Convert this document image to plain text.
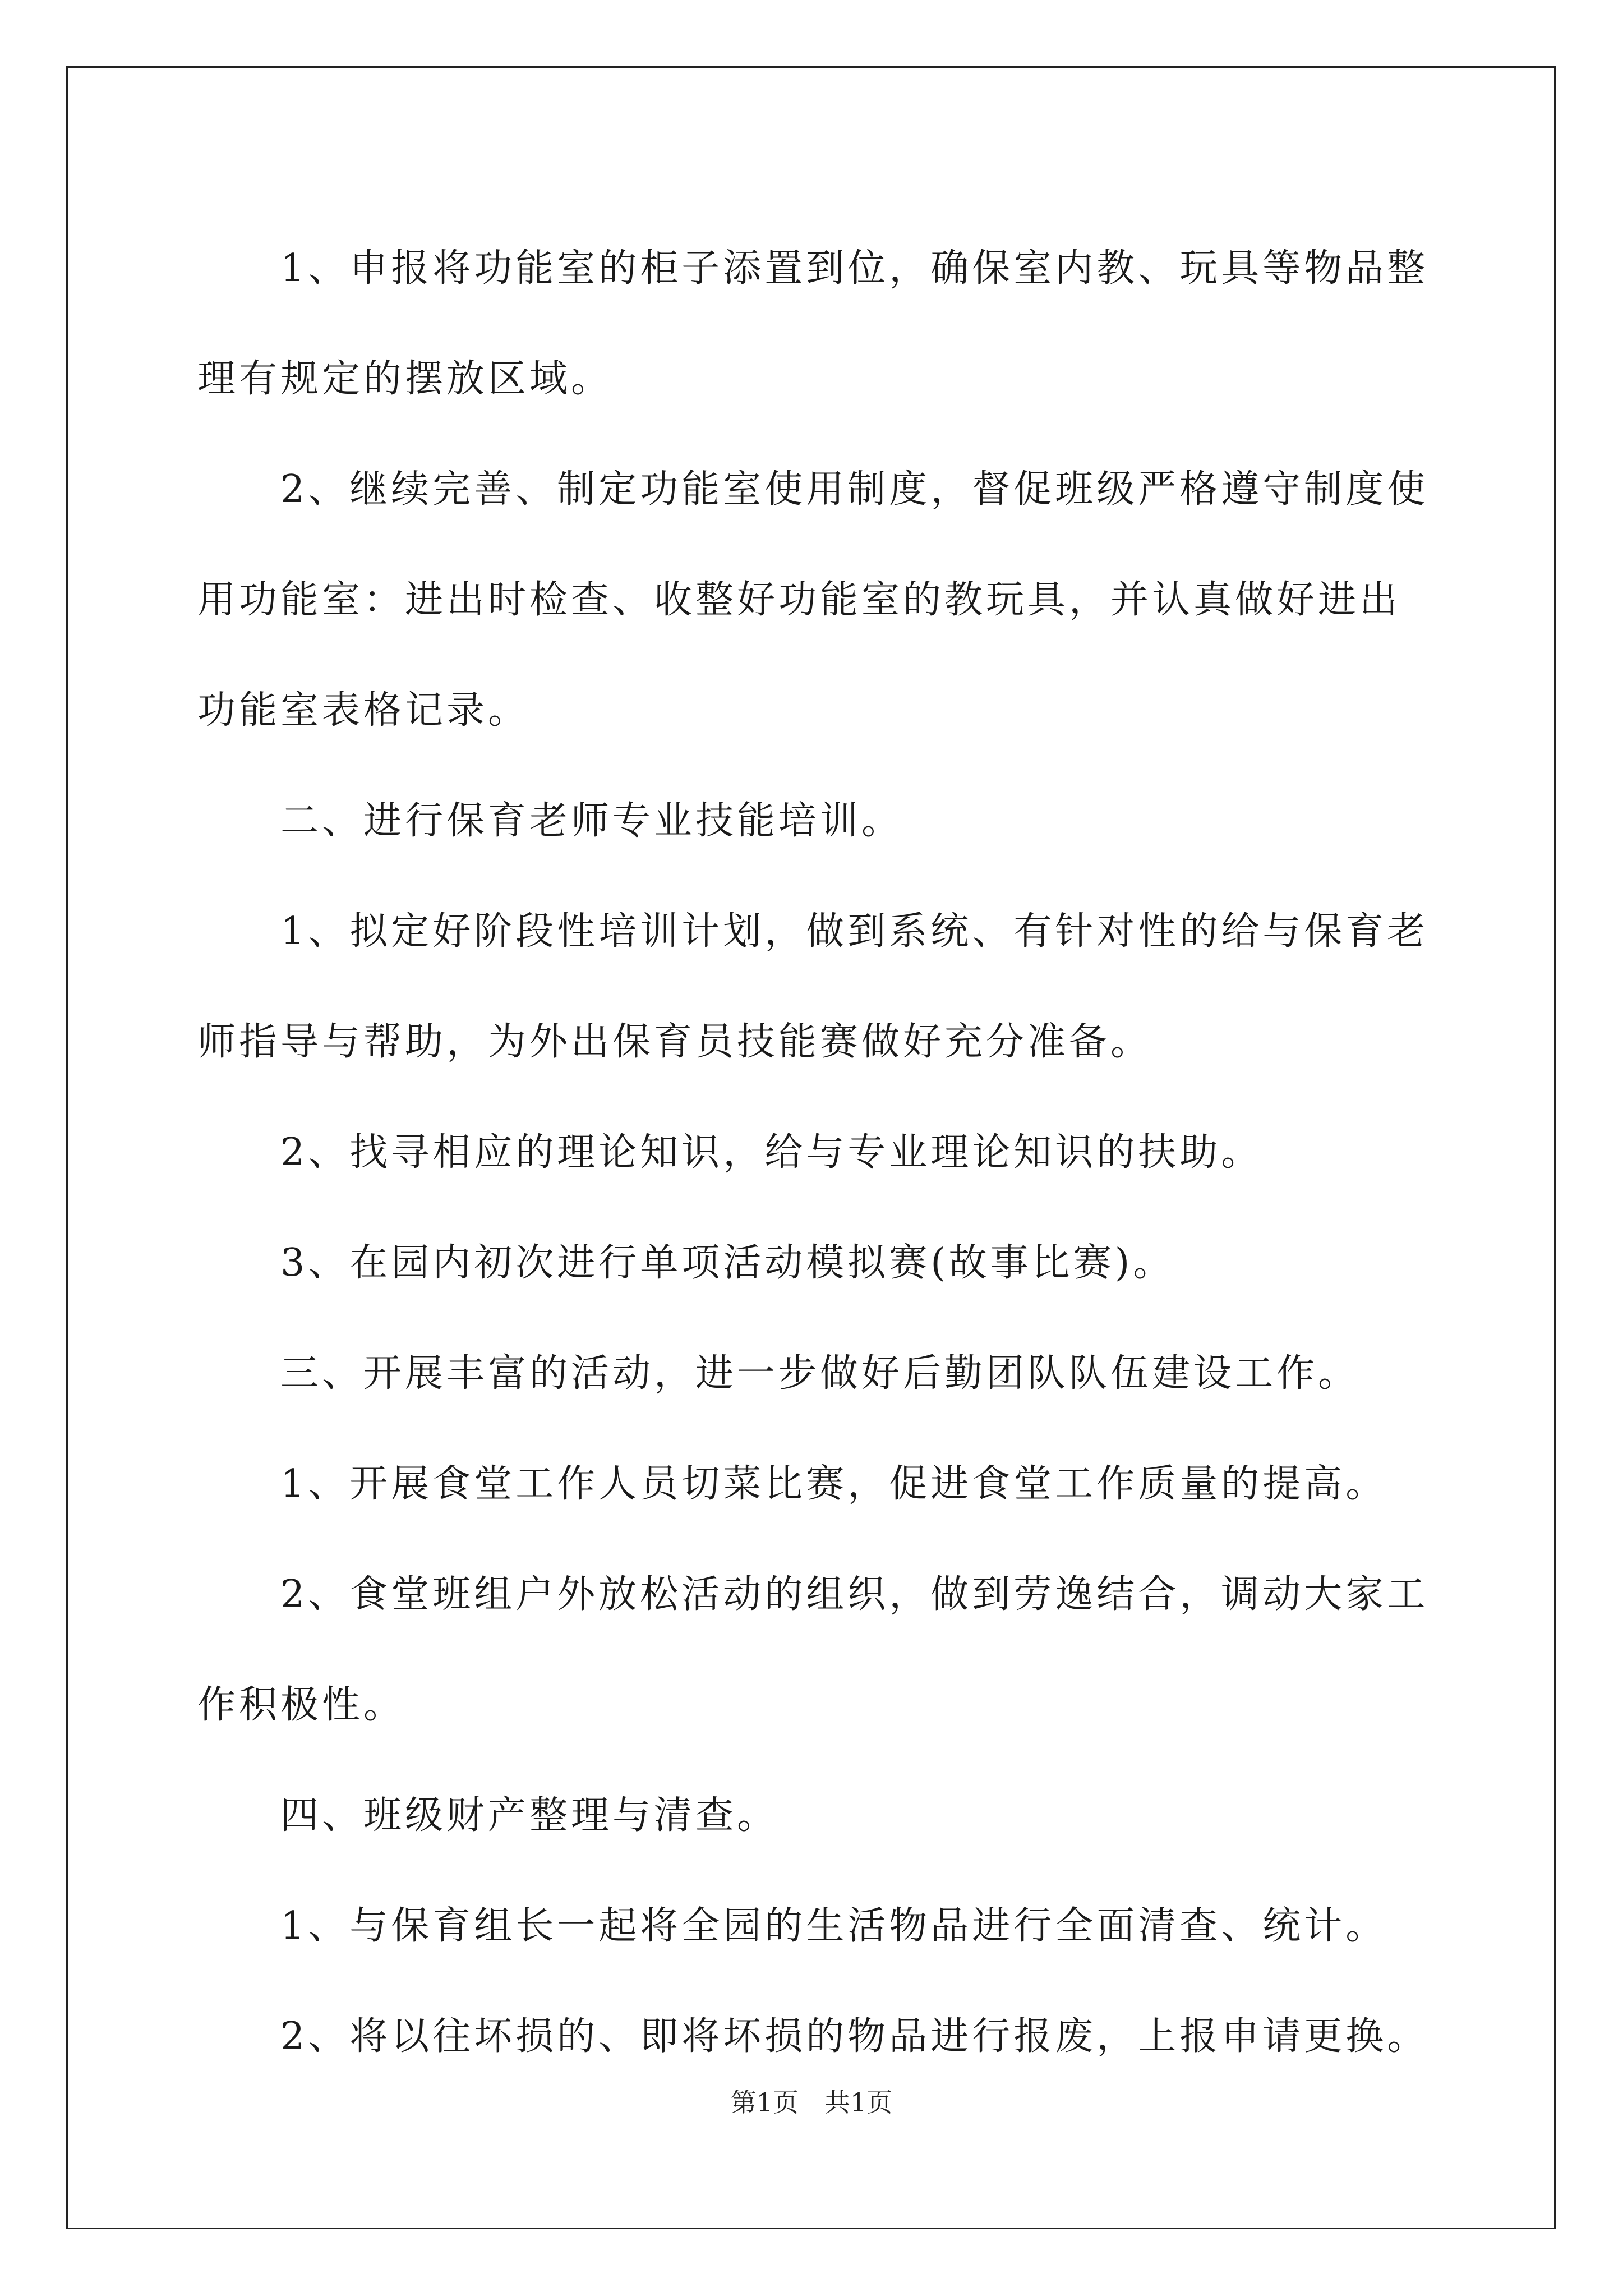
1、申报将功能室的柜子添置到位，确保室内教、玩具等物品整理有规定的摆放区域。

2、继续完善、制定功能室使用制度，督促班级严格遵守制度使用功能室：进出时检查、收整好功能室的教玩具，并认真做好进出功能室表格记录。

二、进行保育老师专业技能培训。

1、拟定好阶段性培训计划，做到系统、有针对性的给与保育老师指导与帮助，为外出保育员技能赛做好充分准备。

2、找寻相应的理论知识，给与专业理论知识的扶助。

3、在园内初次进行单项活动模拟赛(故事比赛)。

三、开展丰富的活动，进一步做好后勤团队队伍建设工作。

1、开展食堂工作人员切菜比赛，促进食堂工作质量的提高。

2、食堂班组户外放松活动的组织，做到劳逸结合，调动大家工作积极性。

四、班级财产整理与清查。

1、与保育组长一起将全园的生活物品进行全面清查、统计。

2、将以往坏损的、即将坏损的物品进行报废，上报申请更换。

第1页　共1页
